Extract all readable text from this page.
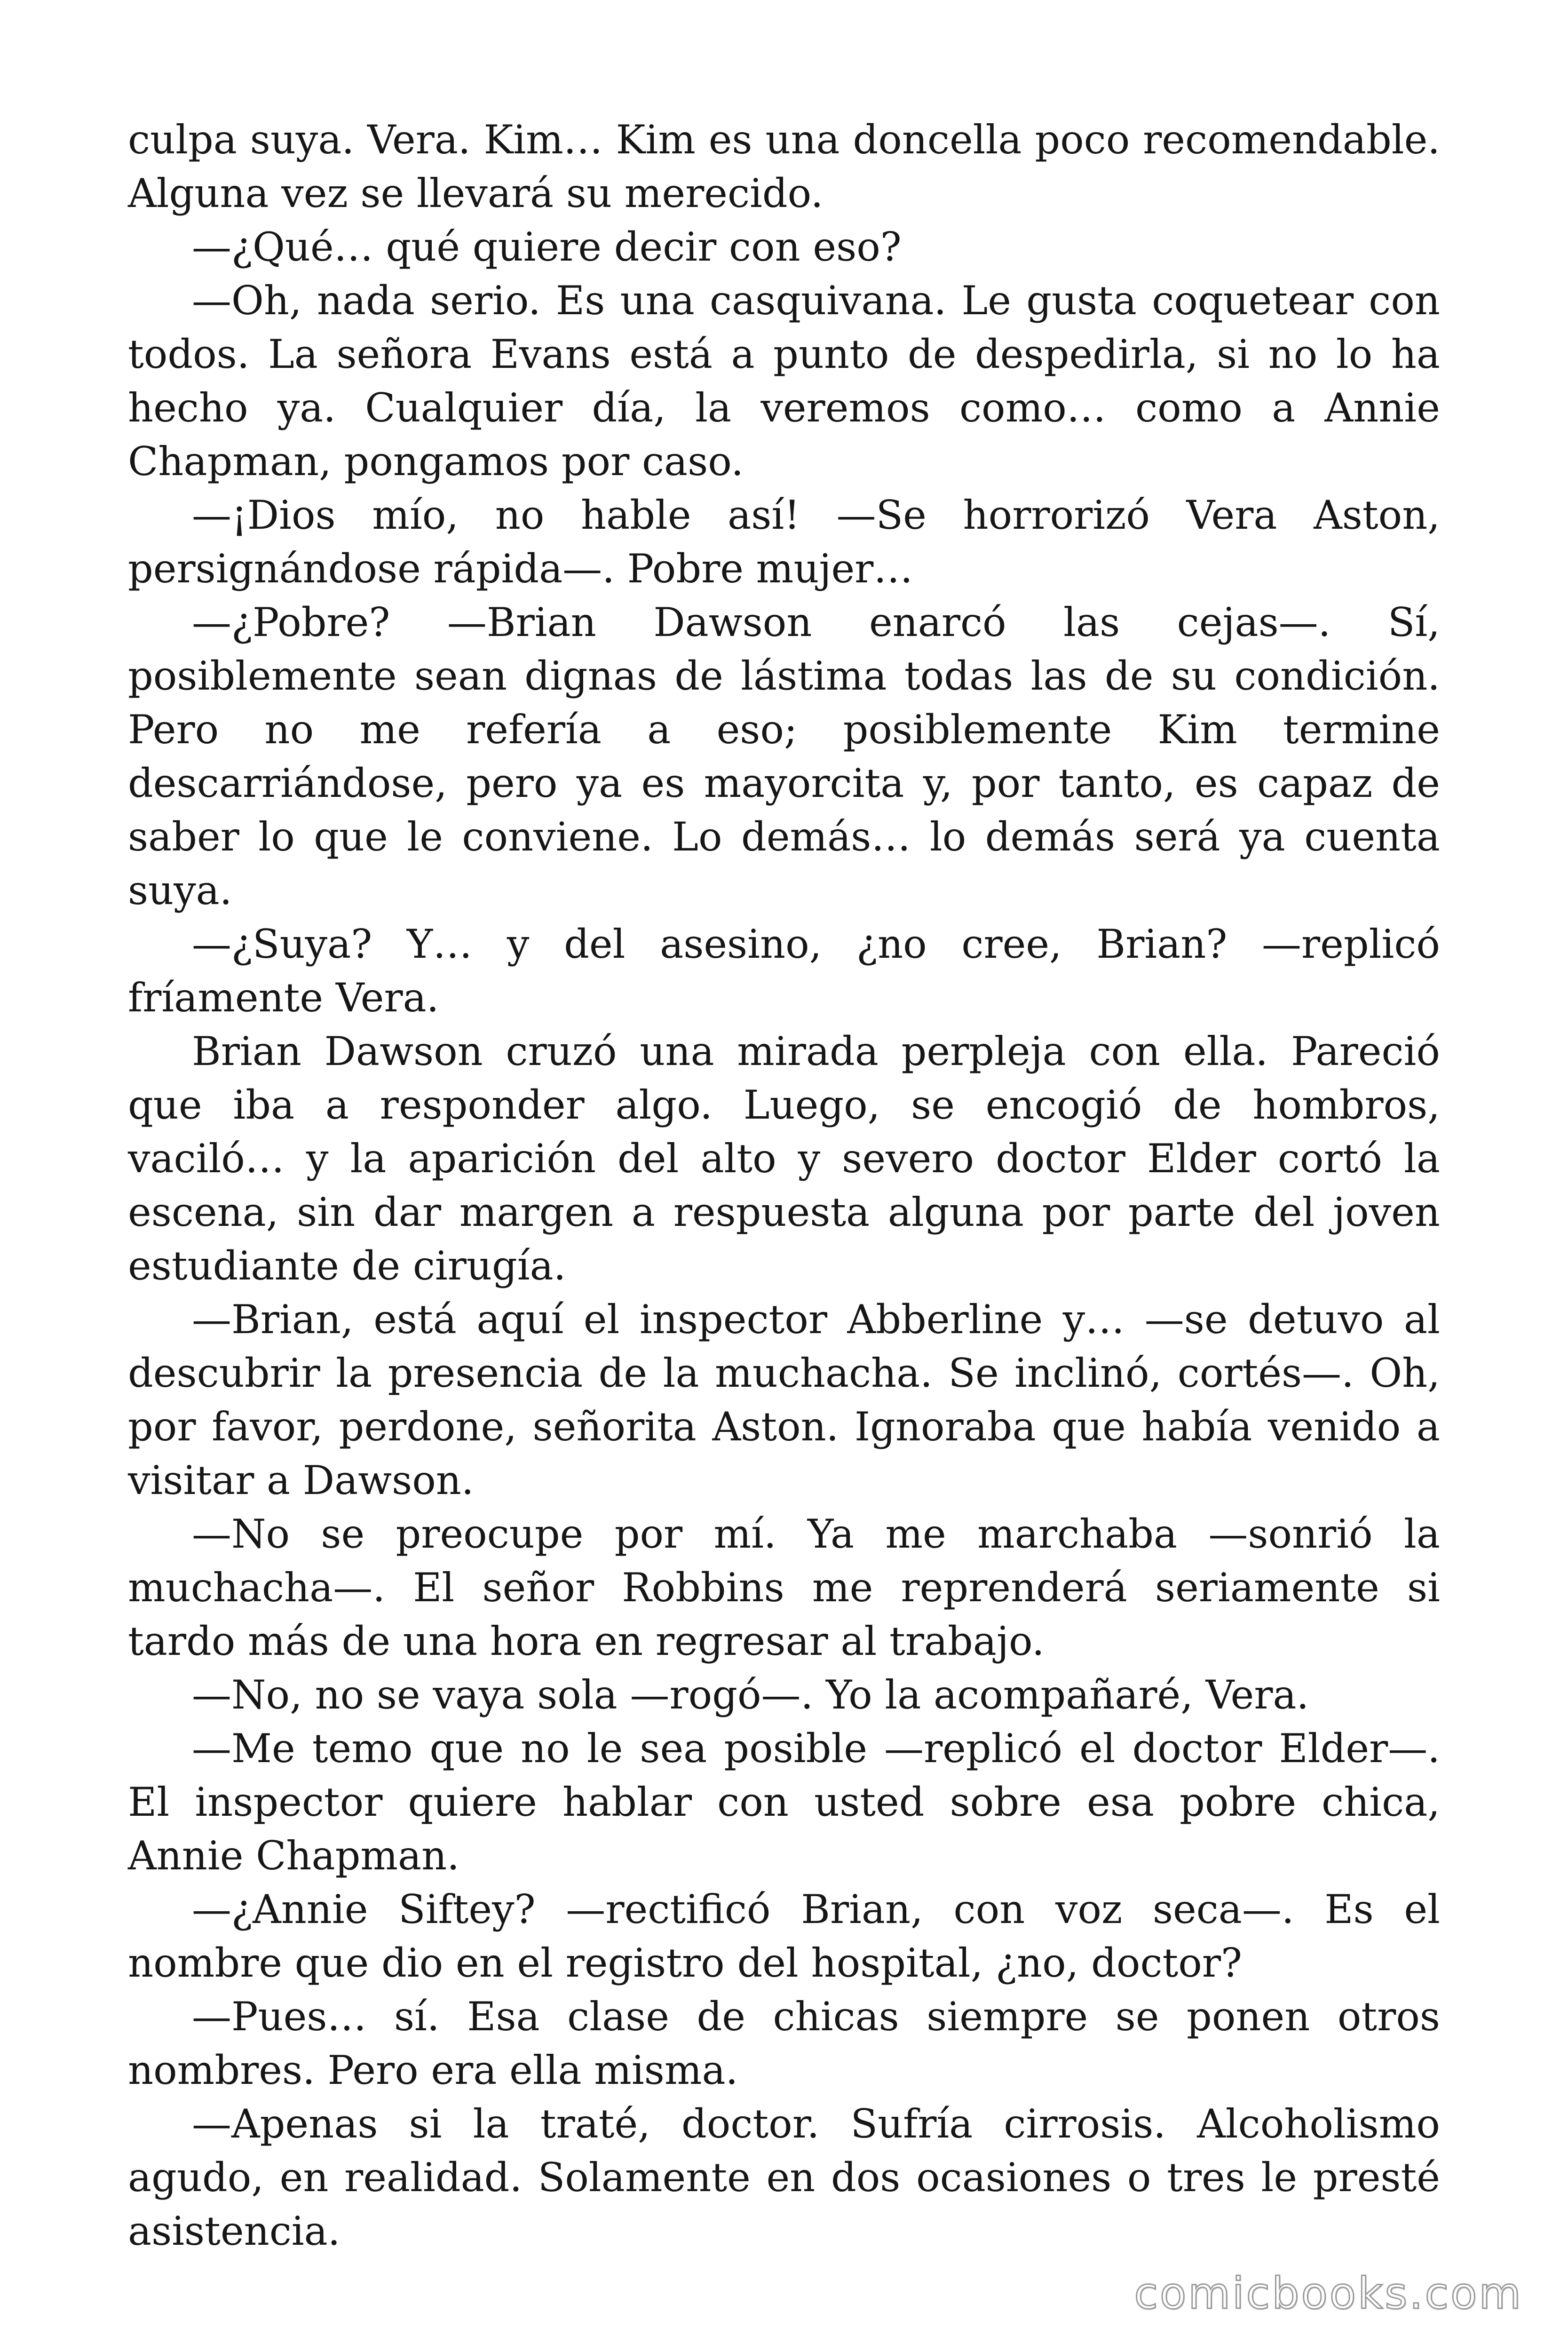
culpa suya. Vera. Kim… Kim es una doncella poco recomendable. Alguna vez se llevará su merecido.

—¿Qué… qué quiere decir con eso?

—Oh, nada serio. Es una casquivana. Le gusta coquetear con todos. La señora Evans está a punto de despedirla, si no lo ha hecho ya. Cualquier día, la veremos como… como a Annie Chapman, pongamos por caso.

—¡Dios mío, no hable así! —Se horrorizó Vera Aston, persignándose rápida—. Pobre mujer…

—¿Pobre? —Brian Dawson enarcó las cejas—. Sí, posiblemente sean dignas de lástima todas las de su condición. Pero no me refería a eso; posiblemente Kim termine descarriándose, pero ya es mayorcita y, por tanto, es capaz de saber lo que le conviene. Lo demás… lo demás será ya cuenta suya.

—¿Suya? Y… y del asesino, ¿no cree, Brian? —replicó fríamente Vera.

Brian Dawson cruzó una mirada perpleja con ella. Pareció que iba a responder algo. Luego, se encogió de hombros, vaciló… y la aparición del alto y severo doctor Elder cortó la escena, sin dar margen a respuesta alguna por parte del joven estudiante de cirugía.

—Brian, está aquí el inspector Abberline y… —se detuvo al descubrir la presencia de la muchacha. Se inclinó, cortés—. Oh, por favor, perdone, señorita Aston. Ignoraba que había venido a visitar a Dawson.

—No se preocupe por mí. Ya me marchaba —sonrió la muchacha—. El señor Robbins me reprenderá seriamente si tardo más de una hora en regresar al trabajo.

—No, no se vaya sola —rogó—. Yo la acompañaré, Vera.

—Me temo que no le sea posible —replicó el doctor Elder—. El inspector quiere hablar con usted sobre esa pobre chica, Annie Chapman.

—¿Annie Siftey? —rectificó Brian, con voz seca—. Es el nombre que dio en el registro del hospital, ¿no, doctor?

—Pues… sí. Esa clase de chicas siempre se ponen otros nombres. Pero era ella misma.

—Apenas si la traté, doctor. Sufría cirrosis. Alcoholismo agudo, en realidad. Solamente en dos ocasiones o tres le presté asistencia.

comicbooks.com
